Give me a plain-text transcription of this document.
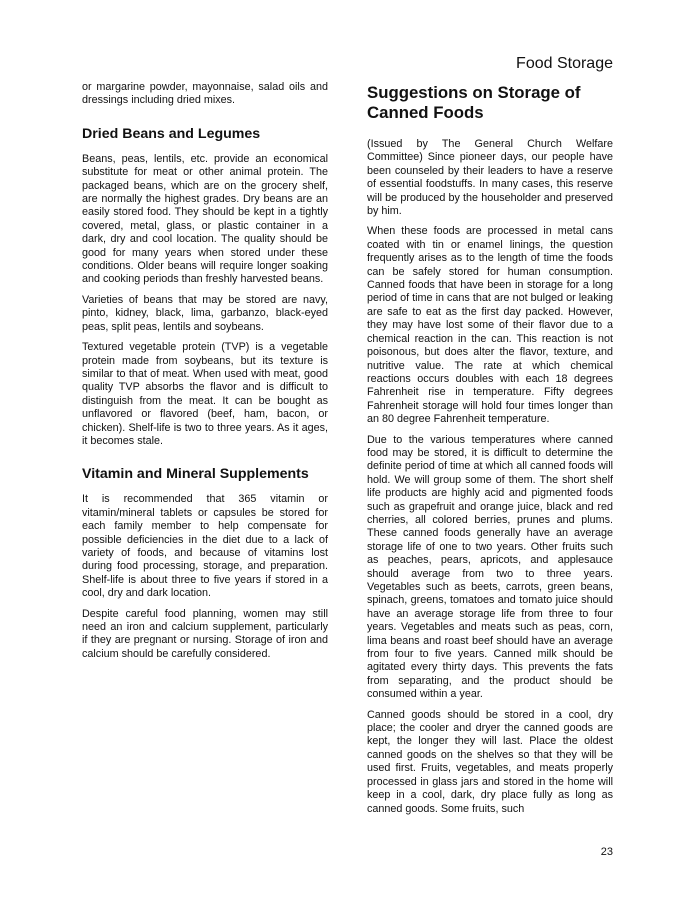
Food Storage

or margarine powder, mayonnaise, salad oils and dressings including dried mixes.

Dried Beans and Legumes

Beans, peas, lentils, etc. provide an economical substitute for meat or other animal protein. The packaged beans, which are on the grocery shelf, are normally the highest grades. Dry beans are an easily stored food. They should be kept in a tightly covered, metal, glass, or plastic container in a dark, dry and cool location. The quality should be good for many years when stored under these conditions. Older beans will require longer soaking and cooking periods than freshly harvested beans.

Varieties of beans that may be stored are navy, pinto, kidney, black, lima, garbanzo, black-eyed peas, split peas, lentils and soybeans.

Textured vegetable protein (TVP) is a vegetable protein made from soybeans, but its texture is similar to that of meat. When used with meat, good quality TVP absorbs the flavor and is difficult to distinguish from the meat. It can be bought as unflavored or flavored (beef, ham, bacon, or chicken). Shelf-life is two to three years. As it ages, it becomes stale.

Vitamin and Mineral Supplements

It is recommended that 365 vitamin or vitamin/mineral tablets or capsules be stored for each family member to help compensate for possible deficiencies in the diet due to a lack of variety of foods, and because of vitamins lost during food processing, storage, and preparation. Shelf-life is about three to five years if stored in a cool, dry and dark location.

Despite careful food planning, women may still need an iron and calcium supplement, particularly if they are pregnant or nursing. Storage of iron and calcium should be carefully considered.

Suggestions on Storage of Canned Foods

(Issued by The General Church Welfare Committee) Since pioneer days, our people have been counseled by their leaders to have a reserve of essential foodstuffs. In many cases, this reserve will be produced by the householder and preserved by him.

When these foods are processed in metal cans coated with tin or enamel linings, the question frequently arises as to the length of time the foods can be safely stored for human consumption. Canned foods that have been in storage for a long period of time in cans that are not bulged or leaking are safe to eat as the first day packed. However, they may have lost some of their flavor due to a chemical reaction in the can. This reaction is not poisonous, but does alter the flavor, texture, and nutritive value. The rate at which chemical reactions occurs doubles with each 18 degrees Fahrenheit rise in temperature. Fifty degrees Fahrenheit storage will hold four times longer than an 80 degree Fahrenheit temperature.

Due to the various temperatures where canned food may be stored, it is difficult to determine the definite period of time at which all canned foods will hold. We will group some of them. The short shelf life products are highly acid and pigmented foods such as grapefruit and orange juice, black and red cherries, all colored berries, prunes and plums. These canned foods generally have an average storage life of one to two years. Other fruits such as peaches, pears, apricots, and applesauce should average from two to three years. Vegetables such as beets, carrots, green beans, spinach, greens, tomatoes and tomato juice should have an average storage life from three to four years. Vegetables and meats such as peas, corn, lima beans and roast beef should have an average from four to five years. Canned milk should be agitated every thirty days. This prevents the fats from separating, and the product should be consumed within a year.

Canned goods should be stored in a cool, dry place; the cooler and dryer the canned goods are kept, the longer they will last. Place the oldest canned goods on the shelves so that they will be used first. Fruits, vegetables, and meats properly processed in glass jars and stored in the home will keep in a cool, dark, dry place fully as long as canned goods. Some fruits, such

23
